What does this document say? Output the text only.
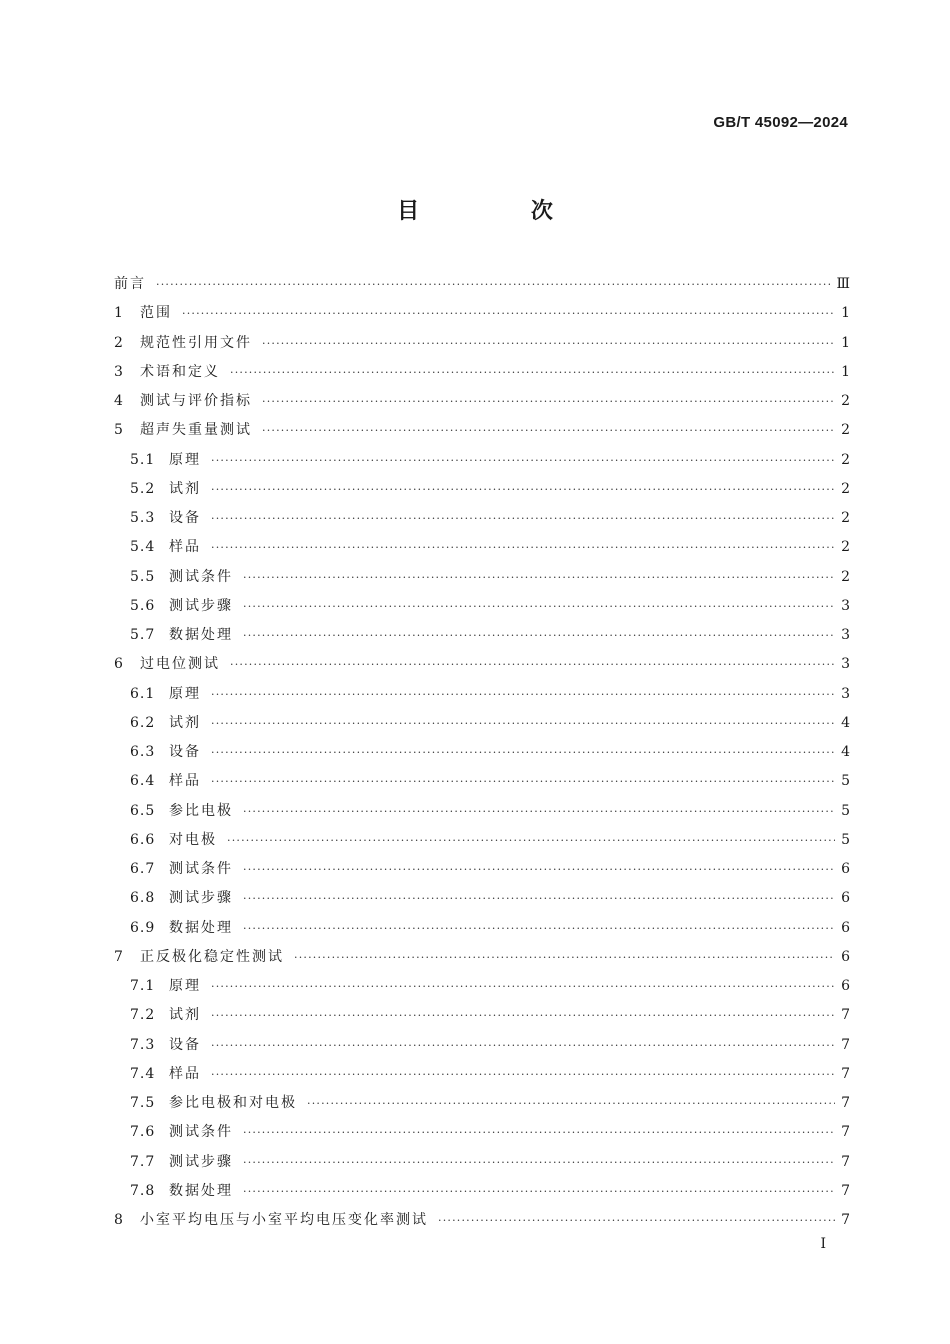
GB/T 45092—2024
目 次
前言 ·····	Ⅲ
1	范围 ·····	1
2	规范性引用文件 ·····	1
3	术语和定义 ·····	1
4	测试与评价指标 ·····	2
5	超声失重量测试 ·····	2
5.1 原理 ·····	2
5.2 试剂 ·····	2
5.3 设备 ·····	2
5.4 样品 ·····	2
5.5 测试条件 ·····	2
5.6 测试步骤 ·····	3
5.7 数据处理 ·····	3
6	过电位测试 ·····	3
6.1 原理 ·····	3
6.2 试剂 ·····	4
6.3 设备 ·····	4
6.4 样品 ·····	5
6.5 参比电极 ·····	5
6.6 对电极 ·····	5
6.7 测试条件 ·····	6
6.8 测试步骤 ·····	6
6.9 数据处理 ·····	6
7	正反极化稳定性测试 ·····	6
7.1 原理 ·····	6
7.2 试剂 ·····	7
7.3 设备 ·····	7
7.4 样品 ·····	7
7.5 参比电极和对电极 ·····	7
7.6 测试条件 ·····	7
7.7 测试步骤 ·····	7
7.8 数据处理 ·····	7
8	小室平均电压与小室平均电压变化率测试 ·····	7
Ⅰ
